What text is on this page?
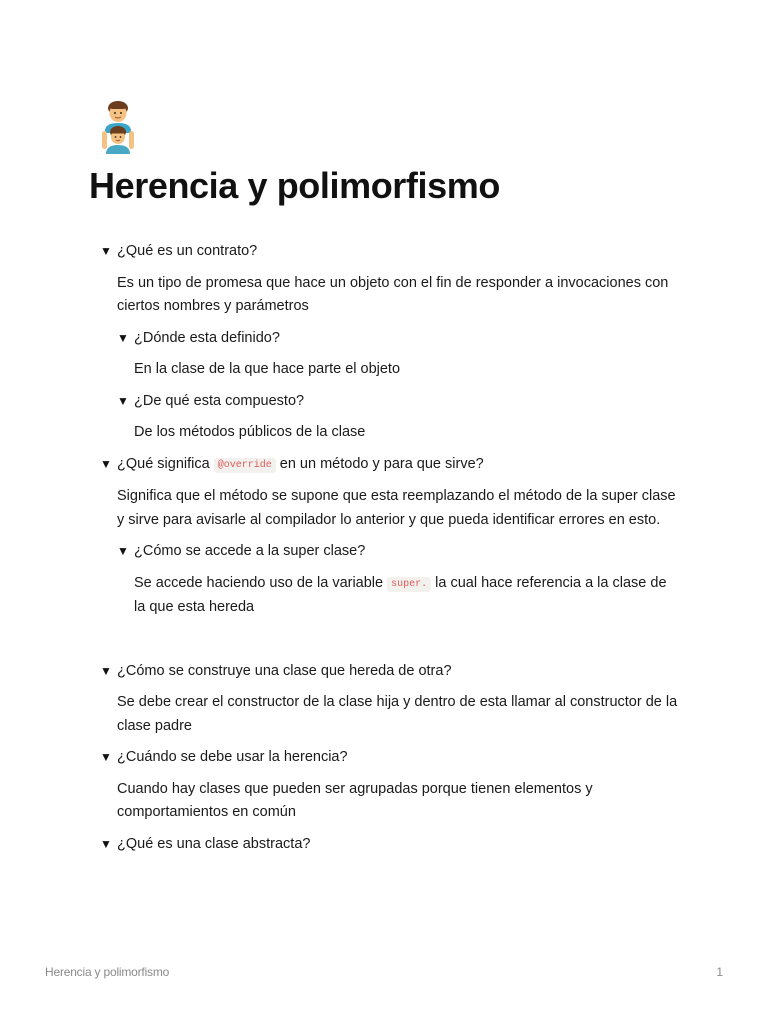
Herencia y polimorfismo
▼ ¿Qué es un contrato?

Es un tipo de promesa que hace un objeto con el fin de responder a invocaciones con ciertos nombres y parámetros

▼ ¿Dónde esta definido?

En la clase de la que hace parte el objeto

▼ ¿De qué esta compuesto?

De los métodos públicos de la clase

▼ ¿Qué significa @override en un método y para que sirve?

Significa que el método se supone que esta reemplazando el método de la super clase y sirve para avisarle al compilador lo anterior y que pueda identificar errores en esto.

▼ ¿Cómo se accede a la super clase?

Se accede haciendo uso de la variable super. la cual hace referencia a la clase de la que esta hereda

▼ ¿Cómo se construye una clase que hereda de otra?

Se debe crear el constructor de la clase hija y dentro de esta llamar al constructor de la clase padre

▼ ¿Cuándo se debe usar la herencia?

Cuando hay clases que pueden ser agrupadas porque tienen elementos y comportamientos en común

▼ ¿Qué es una clase abstracta?
Herencia y polimorfismo	1
